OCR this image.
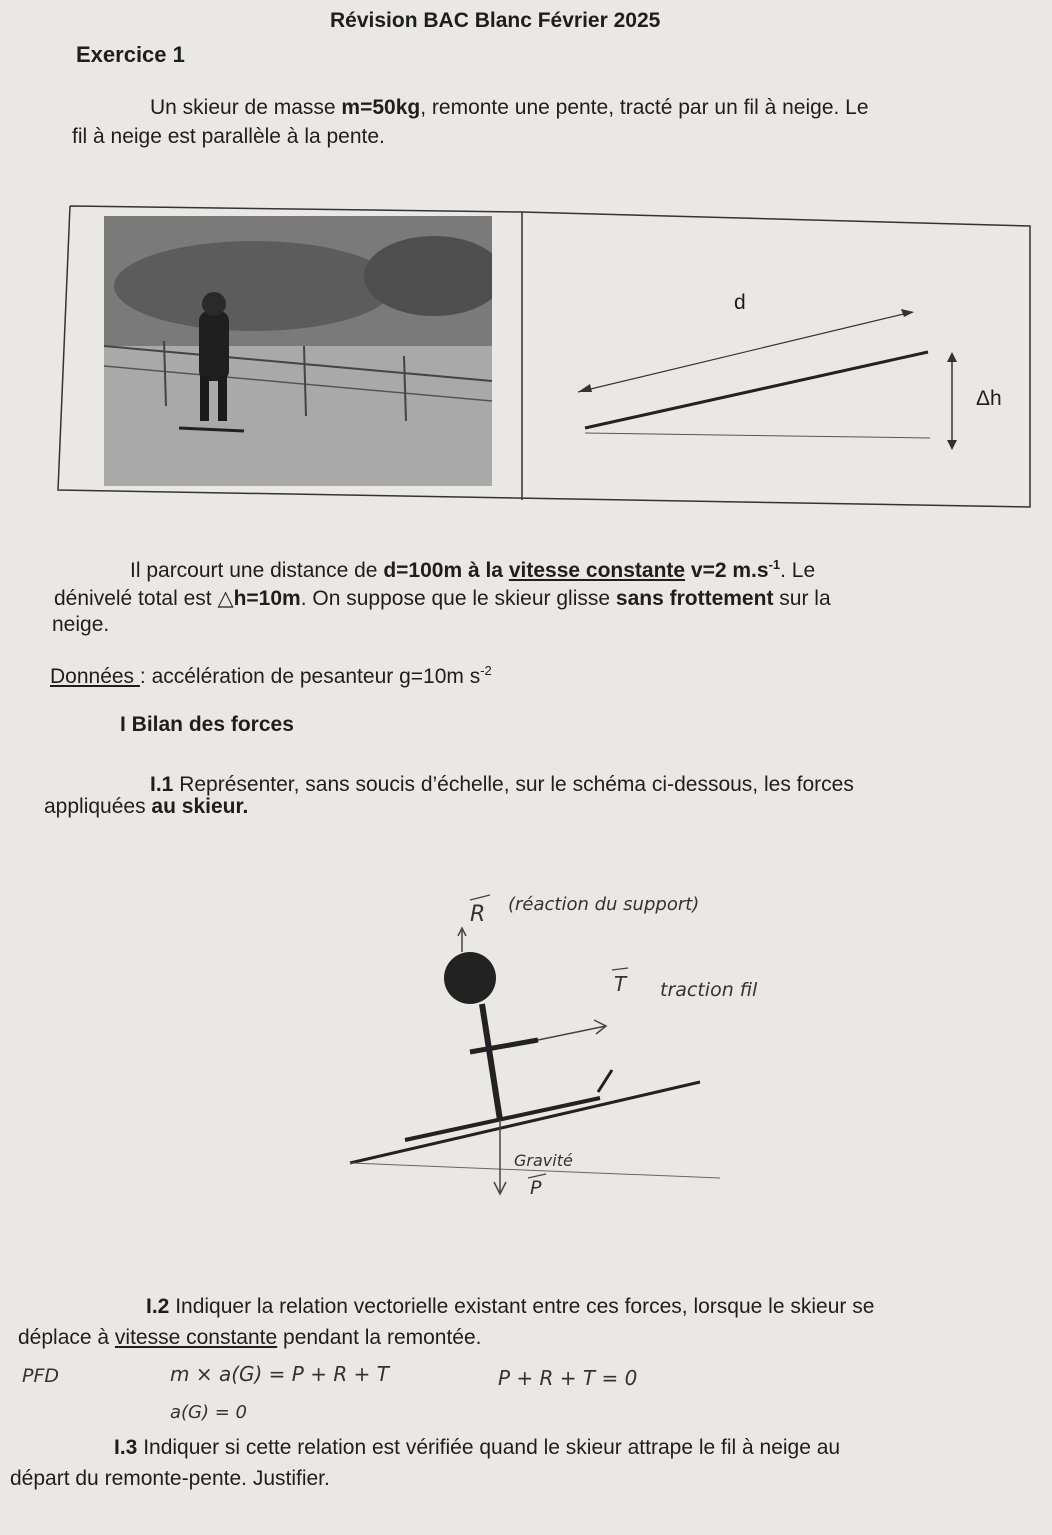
Révision BAC Blanc Février 2025
Exercice 1
Un skieur de masse m=50kg, remonte une pente, tracté par un fil à neige. Le
fil à neige est parallèle à la pente.
d
Δh
Il parcourt une distance de d=100m à la vitesse constante v=2 $m.s^{-1}$. Le
dénivelé total est △h=10m. On suppose que le skieur glisse sans frottement sur la
neige.
Données : accélération de pesanteur g=10m $s^{-2}$
I Bilan des forces
I.1 Représenter, sans soucis d’échelle, sur le schéma ci-dessous, les forces
appliquées au skieur.
R (réaction du support)
T traction fil
Gravité
P
I.2 Indiquer la relation vectorielle existant entre ces forces, lorsque le skieur se
déplace à vitesse constante pendant la remontée.
PFD	m × a(G) = P + R + T	P + R + T = 0
a(G) = 0
I.3 Indiquer si cette relation est vérifiée quand le skieur attrape le fil à neige au
départ du remonte-pente. Justifier.
